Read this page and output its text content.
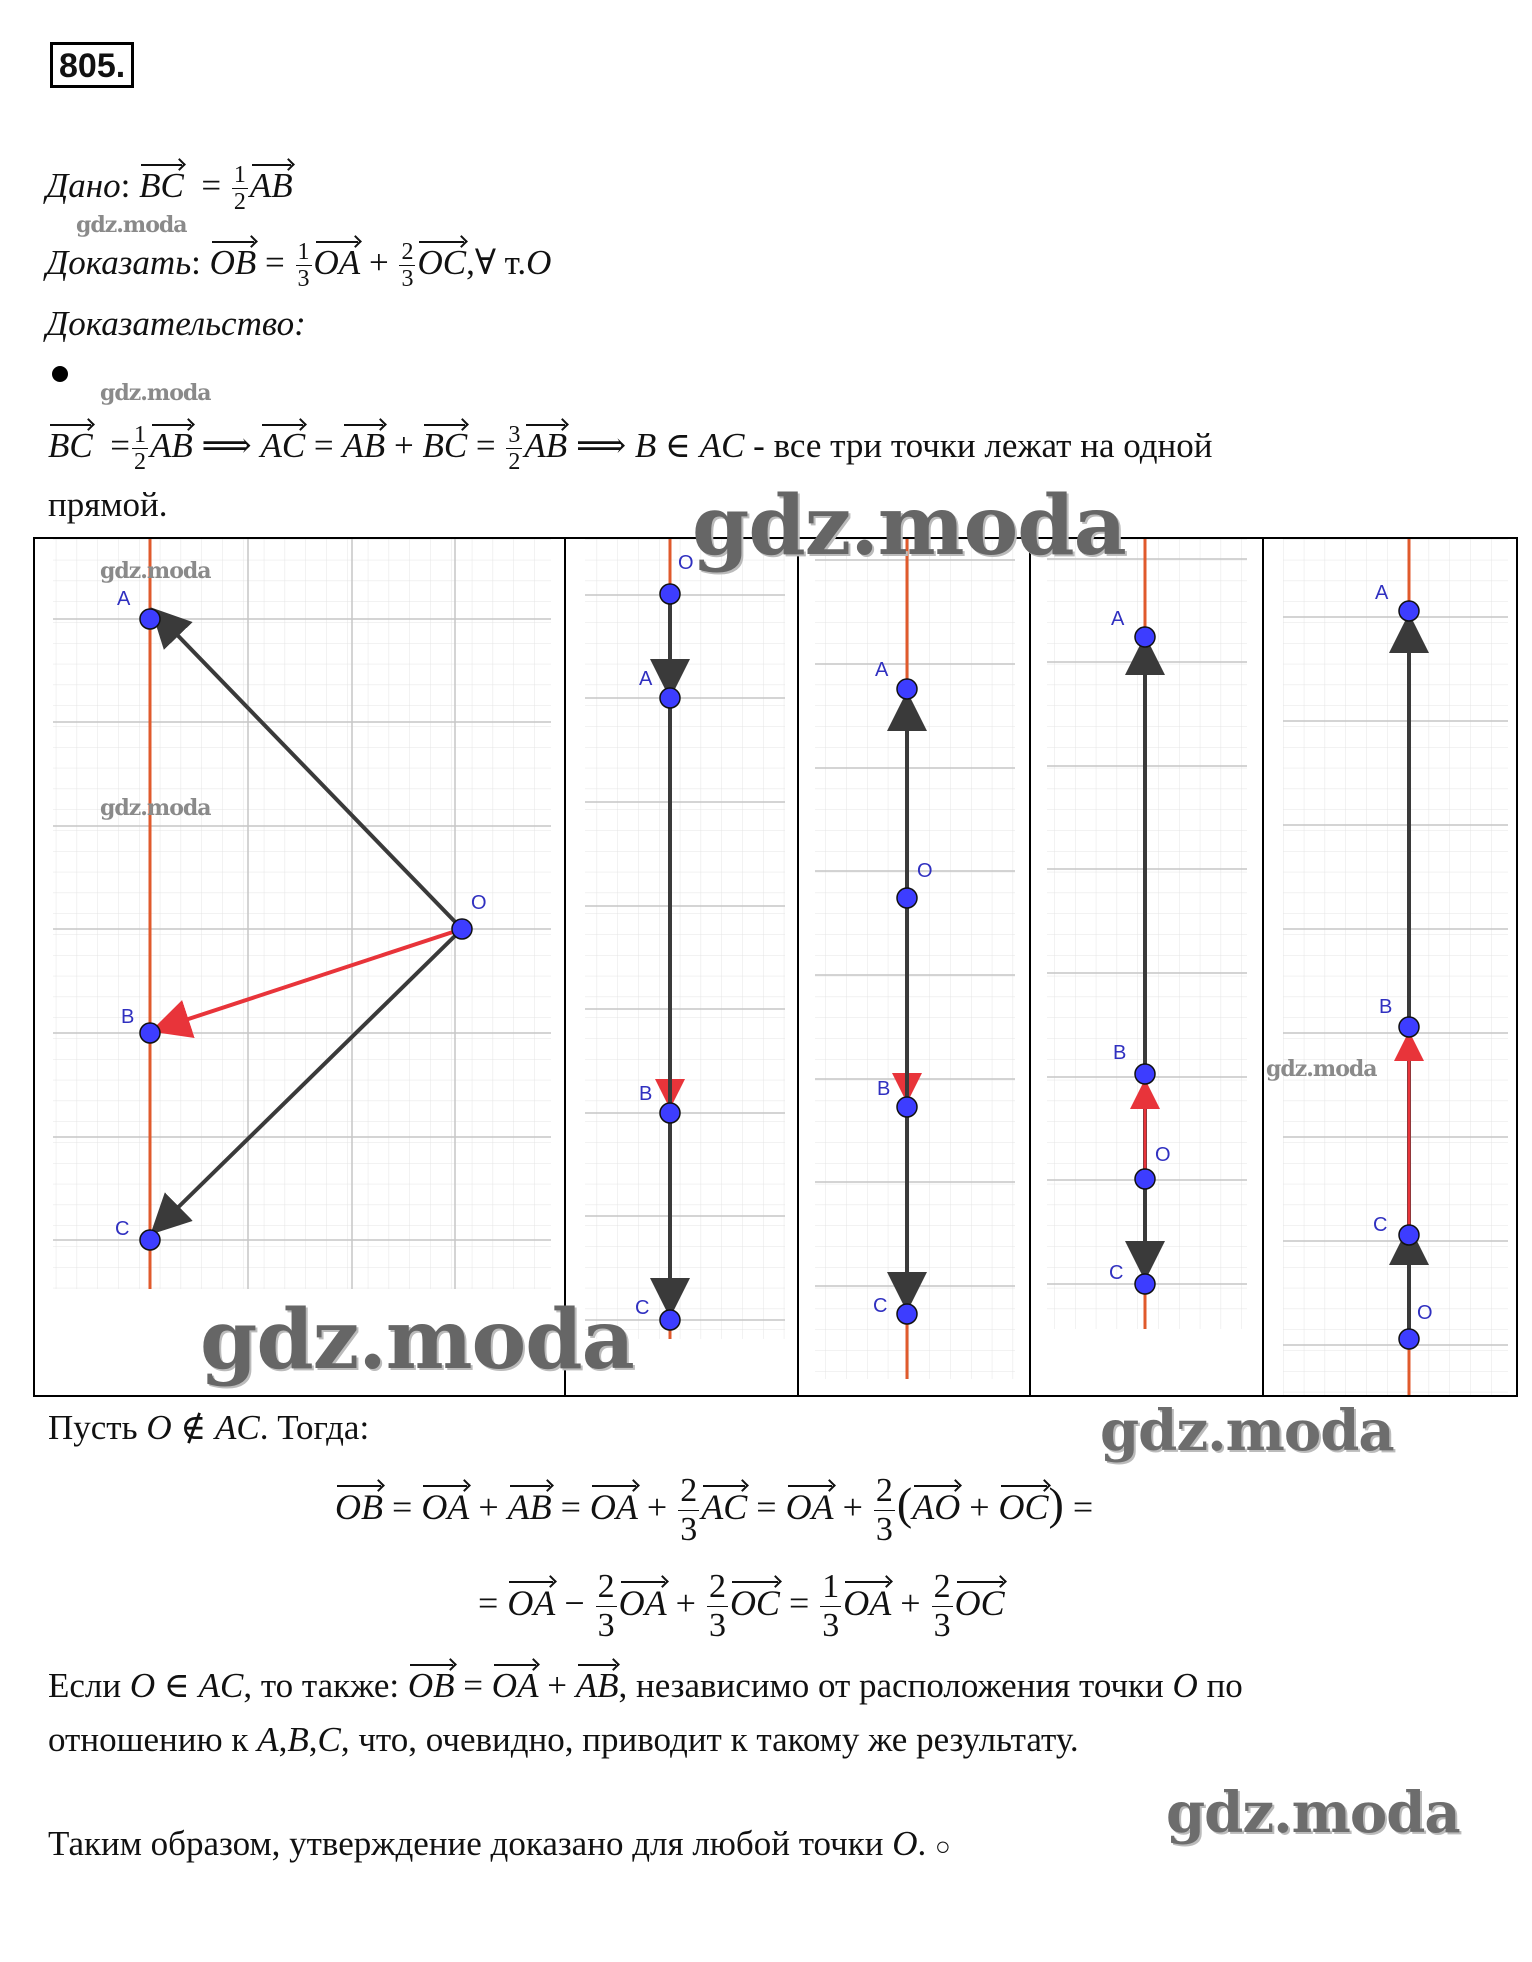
805.
Дано: BC  = $\frac{1}{2}$ AB
gdz.moda
Доказать: OB = $\frac{1}{3}$ OA + $\frac{2}{3}$ OC,∀ т.O
Доказательство:
gdz.moda
BC  = $\frac{1}{2}$ AB ⟹ AC = AB + BC = $\frac{3}{2}$ AB ⟹ B ∈ AC - все три точки лежат на одной
прямой.
A
B
C
O
O
A
B
C
A
O
B
C
A
B
O
C
A
B
C
O
gdz.moda
gdz.moda
gdz.moda
gdz.moda
gdz.moda
gdz.moda
Пусть O ∉ AC. Тогда:
OB = OA + AB = OA + $\frac{2}{3}$ AC = OA + $\frac{2}{3} (AO + OC)$ =
= OA − $\frac{2}{3}$ OA + $\frac{2}{3}$ OC = $\frac{1}{3}$ OA + $\frac{2}{3}$ OC
Если O ∈ AC, то также: OB = OA + AB, независимо от расположения точки O по
отношению к A,B,C, что, очевидно, приводит к такому же результату.
gdz.moda
Таким образом, утверждение доказано для любой точки O. ○
